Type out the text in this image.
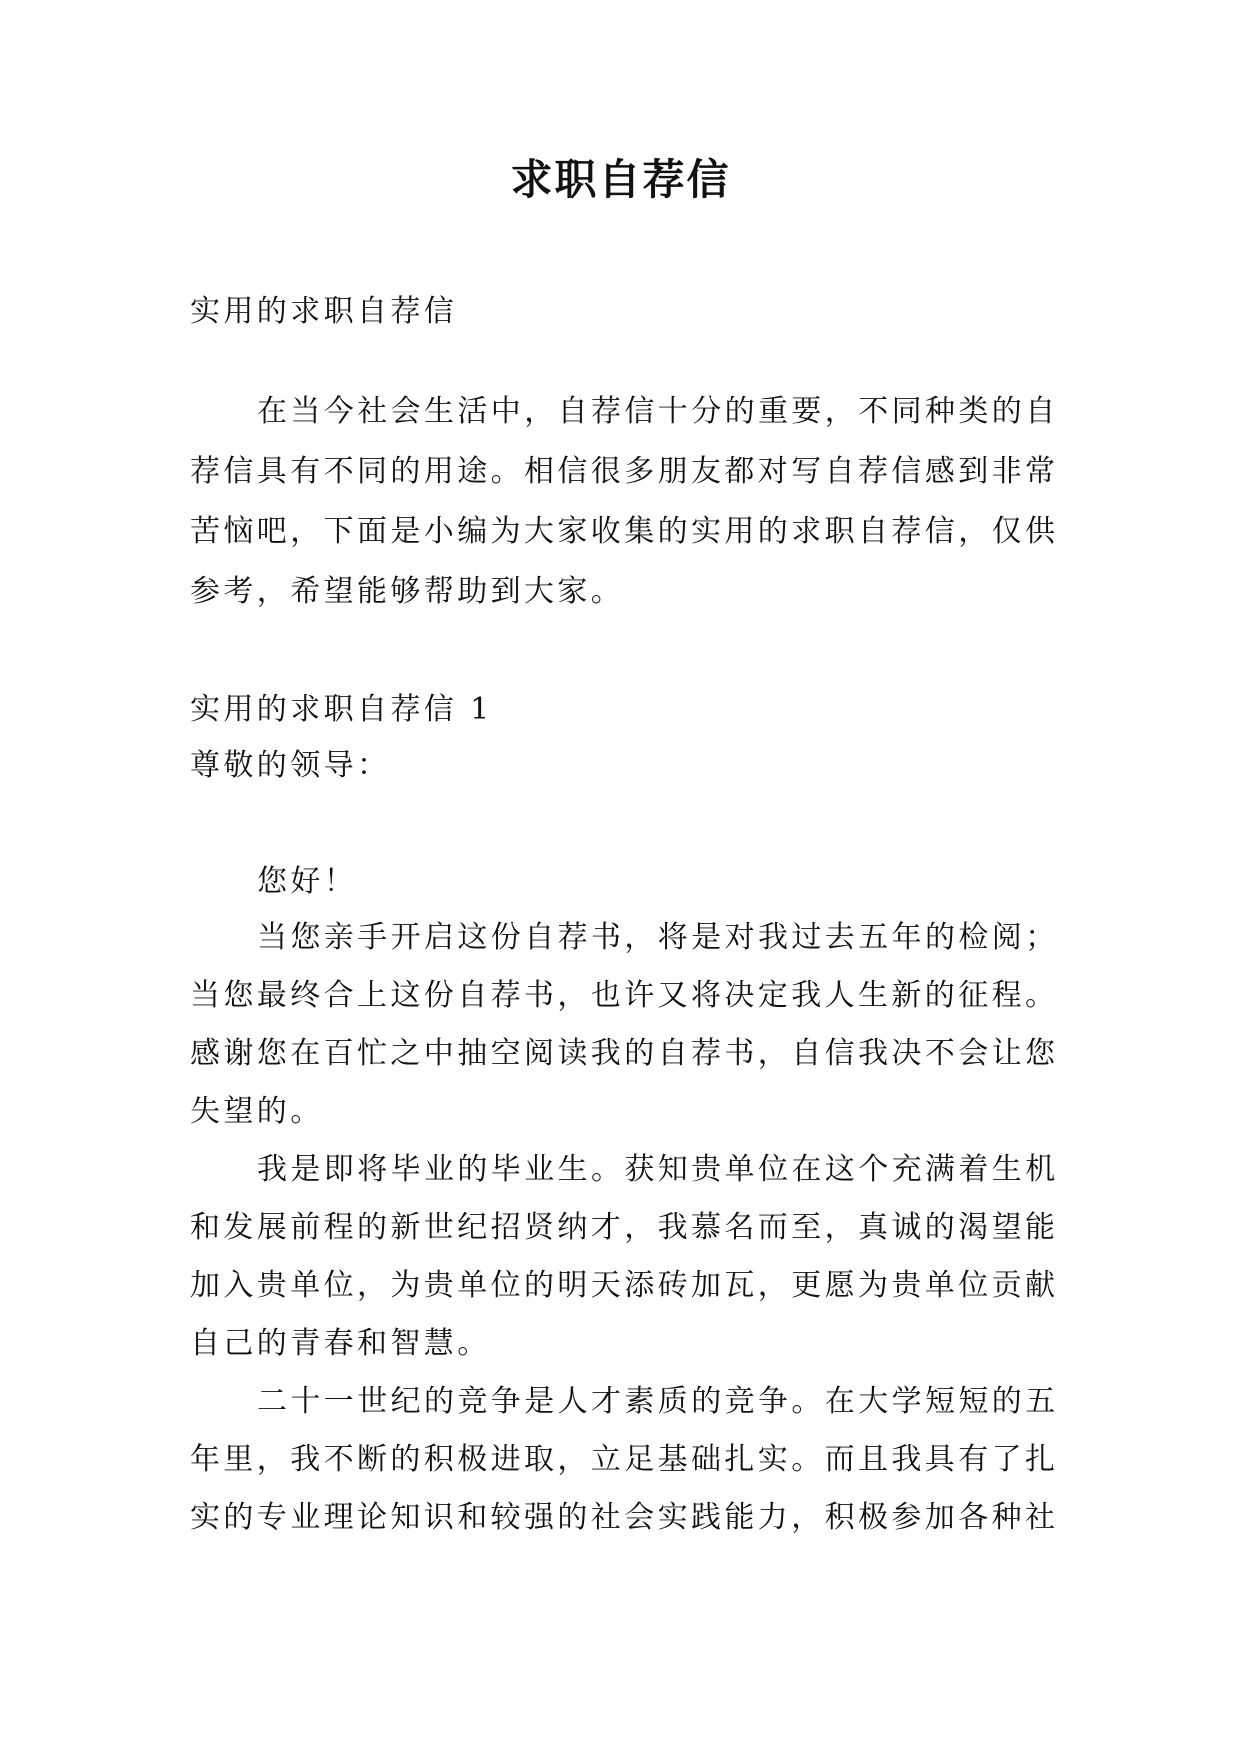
求职自荐信

实用的求职自荐信

在当今社会生活中，自荐信十分的重要，不同种类的自

荐信具有不同的用途。相信很多朋友都对写自荐信感到非常

苦恼吧，下面是小编为大家收集的实用的求职自荐信，仅供

参考，希望能够帮助到大家。

实用的求职自荐信 1

尊敬的领导：

您好！

当您亲手开启这份自荐书，将是对我过去五年的检阅；

当您最终合上这份自荐书，也许又将决定我人生新的征程。

感谢您在百忙之中抽空阅读我的自荐书，自信我决不会让您

失望的。

我是即将毕业的毕业生。获知贵单位在这个充满着生机

和发展前程的新世纪招贤纳才，我慕名而至，真诚的渴望能

加入贵单位，为贵单位的明天添砖加瓦，更愿为贵单位贡献

自己的青春和智慧。

二十一世纪的竞争是人才素质的竞争。在大学短短的五

年里，我不断的积极进取，立足基础扎实。而且我具有了扎

实的专业理论知识和较强的社会实践能力，积极参加各种社
